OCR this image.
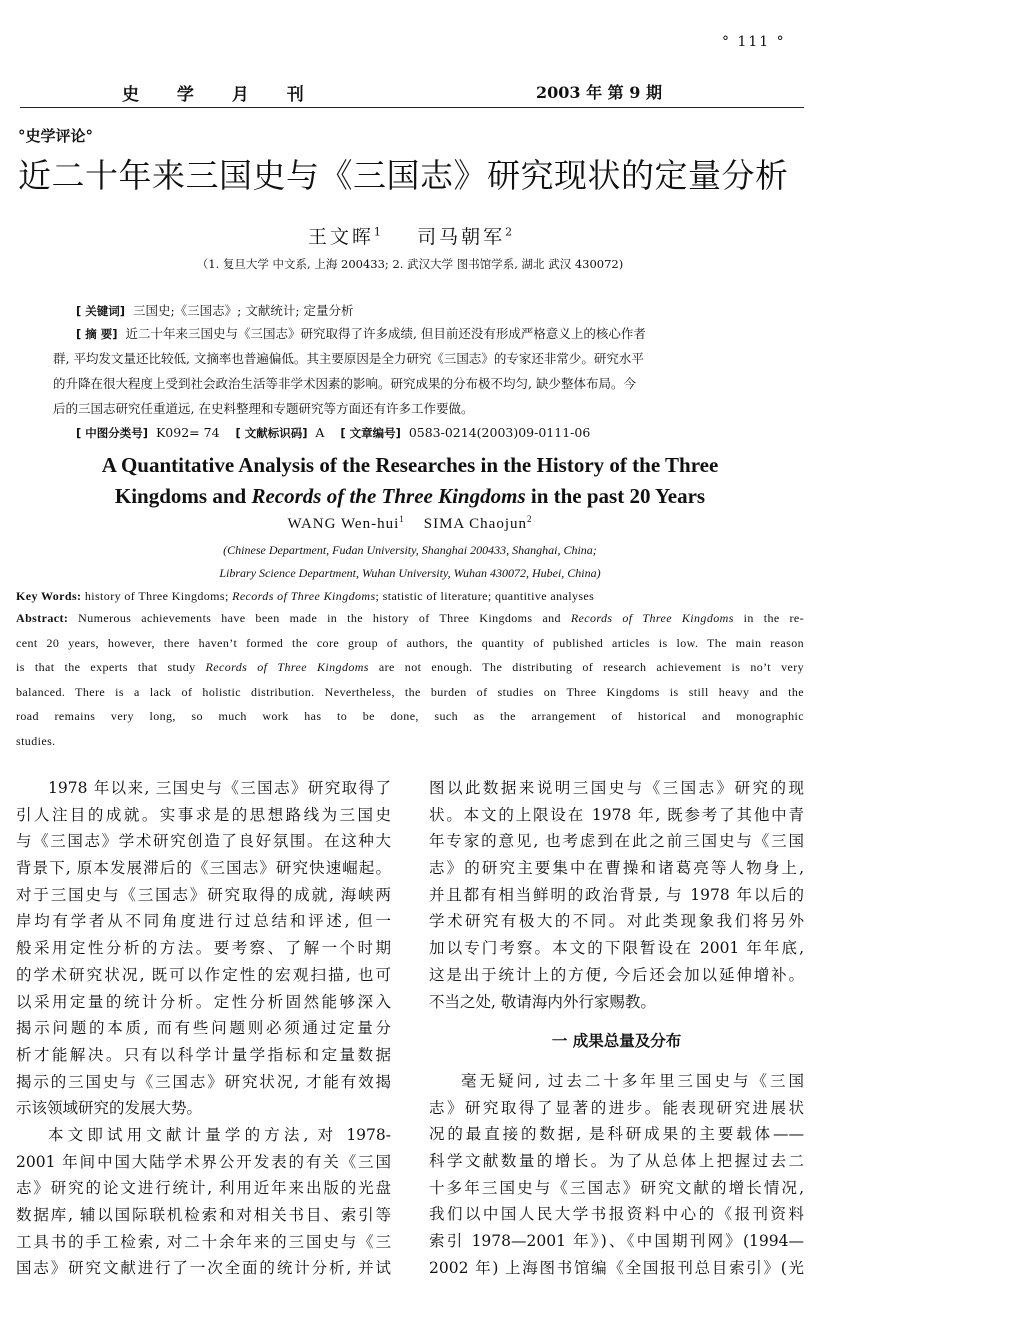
° 111 °
史 学 月 刊	2003 年 第 9 期
°史学评论°
近二十年来三国史与《三国志》研究现状的定量分析
王文晖$^1$ 司马朝军$^2$
（1. 复旦大学 中文系, 上海 200433; 2. 武汉大学 图书馆学系, 湖北 武汉 430072)
[ 关键词] 三国史;《三国志》; 文献统计; 定量分析
[ 摘 要] 近二十年来三国史与《三国志》研究取得了许多成绩, 但目前还没有形成严格意义上的核心作者
群, 平均发文量还比较低, 文摘率也普遍偏低。其主要原因是全力研究《三国志》的专家还非常少。研究水平
的升降在很大程度上受到社会政治生活等非学术因素的影响。研究成果的分布极不均匀, 缺少整体布局。今
后的三国志研究任重道远, 在史料整理和专题研究等方面还有许多工作要做。
[ 中图分类号] K092= 74 [ 文献标识码] A [ 文章编号] 0583-0214(2003)09-0111-06
A Quantitative Analysis of the Researches in the History of the Three
Kingdoms and Records of the Three Kingdoms in the past 20 Years
WANG Wen-hui$^1$ SIMA Chaojun$^2$
(Chinese Department, Fudan University, Shanghai 200433, Shanghai, China;
Library Science Department, Wuhan University, Wuhan 430072, Hubei, China)
Key Words: history of Three Kingdoms; Records of Three Kingdoms; statistic of literature; quantitive analyses
Abstract: Numerous achievements have been made in the history of Three Kingdoms and Records of Three Kingdoms in the re-
cent 20 years, however, there haven’t formed the core group of authors, the quantity of published articles is low. The main reason
is that the experts that study Records of Three Kingdoms are not enough. The distributing of research achievement is no’t very
balanced. There is a lack of holistic distribution. Nevertheless, the burden of studies on Three Kingdoms is still heavy and the
road remains very long, so much work has to be done, such as the arrangement of historical and monographic
studies.
1978 年以来, 三国史与《三国志》研究取得了
引人注目的成就。实事求是的思想路线为三国史
与《三国志》学术研究创造了良好氛围。在这种大
背景下, 原本发展滞后的《三国志》研究快速崛起。
对于三国史与《三国志》研究取得的成就, 海峡两
岸均有学者从不同角度进行过总结和评述, 但一
般采用定性分析的方法。要考察、了解一个时期
的学术研究状况, 既可以作定性的宏观扫描, 也可
以采用定量的统计分析。定性分析固然能够深入
揭示问题的本质, 而有些问题则必须通过定量分
析才能解决。只有以科学计量学指标和定量数据
揭示的三国史与《三国志》研究状况, 才能有效揭
示该领域研究的发展大势。
本文即试用文献计量学的方法, 对 1978-
2001 年间中国大陆学术界公开发表的有关《三国
志》研究的论文进行统计, 利用近年来出版的光盘
数据库, 辅以国际联机检索和对相关书目、索引等
工具书的手工检索, 对二十余年来的三国史与《三
国志》研究文献进行了一次全面的统计分析, 并试
图以此数据来说明三国史与《三国志》研究的现
状。本文的上限设在 1978 年, 既参考了其他中青
年专家的意见, 也考虑到在此之前三国史与《三国
志》的研究主要集中在曹操和诸葛亮等人物身上,
并且都有相当鲜明的政治背景, 与 1978 年以后的
学术研究有极大的不同。对此类现象我们将另外
加以专门考察。本文的下限暂设在 2001 年年底,
这是出于统计上的方便, 今后还会加以延伸增补。
不当之处, 敬请海内外行家赐教。
一 成果总量及分布
毫无疑问, 过去二十多年里三国史与《三国
志》研究取得了显著的进步。能表现研究进展状
况的最直接的数据, 是科研成果的主要载体——
科学文献数量的增长。为了从总体上把握过去二
十多年三国史与《三国志》研究文献的增长情况,
我们以中国人民大学书报资料中心的《报刊资料
索引 1978—2001 年》)、《中国期刊网》(1994—
2002 年) 上海图书馆编《全国报刊总目索引》(光
